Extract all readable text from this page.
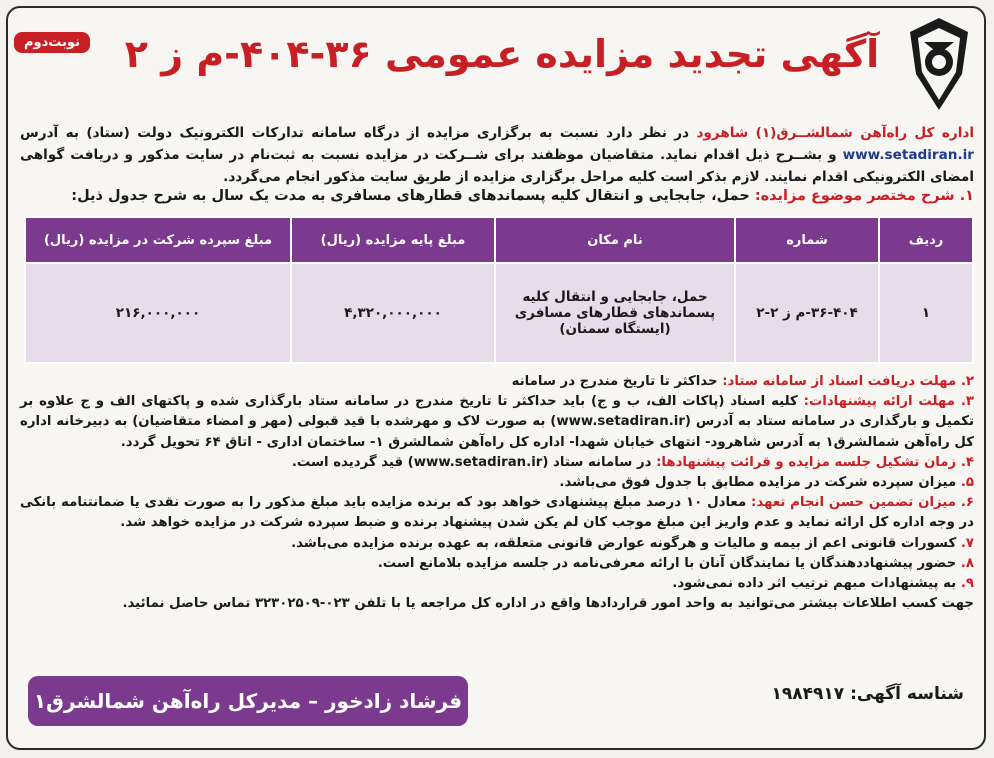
نوبت‌دوم آگهی تجدید مزایده عمومی ۳۶-۴۰۴-م ز ۲
اداره کل راه‌آهن شمالشــرق(۱) شاهرود در نظر دارد نسبت به برگزاری مزایده از درگاه سامانه تدارکات الکترونیک دولت (ستاد) به آدرس www.setadiran.ir و بشــرح ذیل اقدام نماید. متقاضیان موظفند برای شــرکت در مزایده نسبت به ثبت‌نام در سایت مذکور و دریافت گواهی امضای الکترونیکی اقدام نمایند. لازم بذکر است کلیه مراحل برگزاری مزایده از طریق سایت مذکور انجام می‌گردد.
۱. شرح مختصر موضوع مزایده: حمل، جابجایی و انتقال کلیه پسماندهای قطارهای مسافری به مدت یک سال به شرح جدول ذیل:
ردیف	شماره	نام مکان	مبلغ پایه مزایده (ریال)	مبلغ سپرده شرکت در مزایده (ریال)
۱	۳۶-۴۰۴-م ز ۲-۲	حمل، جابجایی و انتقال کلیه پسماندهای قطارهای مسافری (ایستگاه سمنان)	۴,۳۲۰,۰۰۰,۰۰۰	۲۱۶,۰۰۰,۰۰۰

۲. مهلت دریافت اسناد از سامانه ستاد: حداکثر تا تاریخ مندرج در سامانه

۳. مهلت ارائه پیشنهادات: کلیه اسناد (پاکات الف، ب و ج) باید حداکثر تا تاریخ مندرج در سامانه ستاد بارگذاری شده و پاکتهای الف و ج علاوه بر تکمیل و بارگذاری در سامانه ستاد به آدرس (www.setadiran.ir) به صورت لاک و مهرشده با قید قبولی (مهر و امضاء متقاضیان) به دبیرخانه اداره کل راه‌آهن شمالشرق۱ به آدرس شاهرود- انتهای خیابان شهدا- اداره کل راه‌آهن شمالشرق ۱- ساختمان اداری - اتاق ۶۴ تحویل گردد.

۴. زمان تشکیل جلسه مزایده و قرائت پیشنهادها: در سامانه ستاد (www.setadiran.ir) قید گردیده است.

۵. میزان سپرده شرکت در مزایده مطابق با جدول فوق می‌باشد.

۶. میزان تضمین حسن انجام تعهد: معادل ۱۰ درصد مبلغ پیشنهادی خواهد بود که برنده مزایده باید مبلغ مذکور را به صورت نقدی یا ضمانتنامه بانکی در وجه اداره کل ارائه نماید و عدم واریز این مبلغ موجب کان لم یکن شدن پیشنهاد برنده و ضبط سپرده شرکت در مزایده خواهد شد.

۷. کسورات قانونی اعم از بیمه و مالیات و هرگونه عوارض قانونی متعلقه، به عهده برنده مزایده می‌باشد.

۸. حضور پیشنهاددهندگان یا نمایندگان آنان با ارائه معرفی‌نامه در جلسه مزایده بلامانع است.

۹. به پیشنهادات مبهم ترتیب اثر داده نمی‌شود.

جهت کسب اطلاعات بیشتر می‌توانید به واحد امور قراردادها واقع در اداره کل مراجعه یا با تلفن ۰۲۳-۳۲۳۰۲۵۰۹ تماس حاصل نمائید.

شناسه آگهی: ۱۹۸۴۹۱۷
فرشاد زادخور – مدیرکل راه‌آهن شمالشرق۱
